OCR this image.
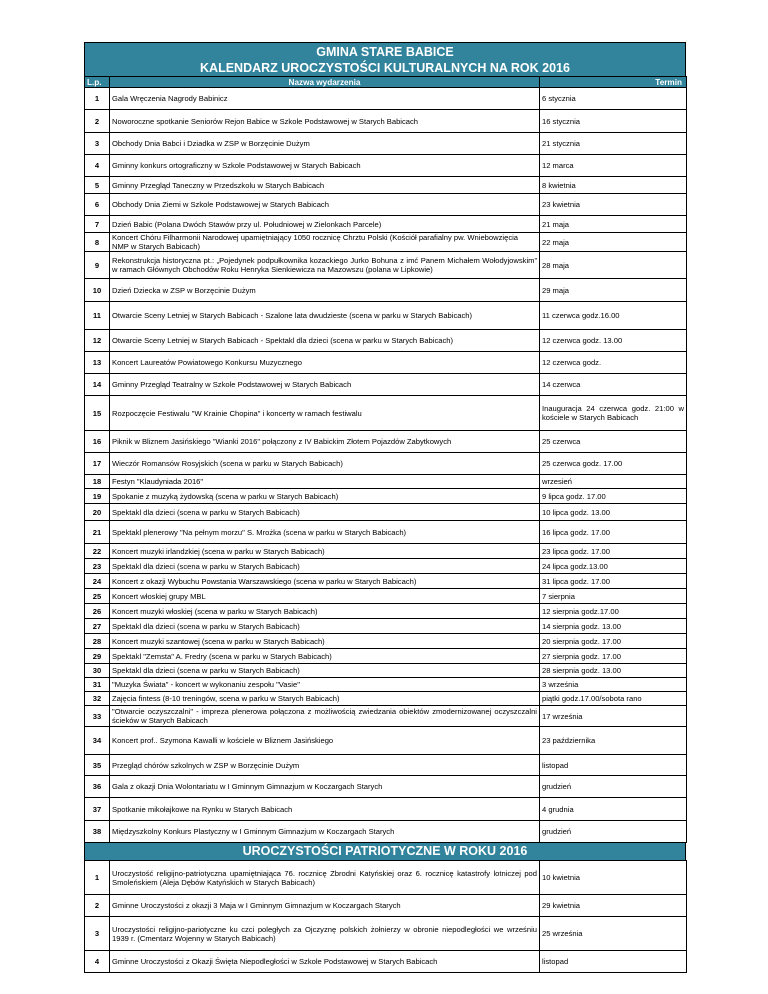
GMINA STARE BABICE
KALENDARZ UROCZYSTOŚCI KULTURALNYCH NA ROK 2016
L.p.	Nazwa wydarzenia	Termin
1	Gala Wręczenia Nagrody Babinicz	6 stycznia
2	Noworoczne spotkanie Seniorów Rejon Babice w Szkole Podstawowej w Starych Babicach	16 stycznia
3	Obchody Dnia Babci i Dziadka w ZSP w Borzęcinie Dużym	21 stycznia
4	Gminny konkurs ortograficzny w Szkole Podstawowej w Starych Babicach	12 marca
5	Gminny Przegląd Taneczny w Przedszkolu w Starych Babicach	8 kwietnia
6	Obchody Dnia Ziemi w Szkole Podstawowej w Starych Babicach	23 kwietnia
7	Dzień Babic (Polana Dwóch Stawów przy ul. Południowej w Zielonkach Parcele)	21 maja
8	Koncert Chóru Filharmonii Narodowej upamiętniający 1050 rocznicę Chrztu Polski (Kościół parafialny pw. Wniebowzięcia NMP w Starych Babicach)	22 maja
9	Rekonstrukcja historyczna pt.: „Pojedynek podpułkownika kozackiego Jurko Bohuna z imć Panem Michałem Wołodyjowskim” w ramach Głównych Obchodów Roku Henryka Sienkiewicza na Mazowszu (polana w Lipkowie)	28 maja
10	Dzień Dziecka w ZSP w Borzęcinie Dużym	29 maja
11	Otwarcie Sceny Letniej w Starych Babicach - Szalone lata dwudzieste (scena w parku w Starych Babicach)	11 czerwca godz.16.00
12	Otwarcie Sceny Letniej w Starych Babicach - Spektakl dla dzieci (scena w parku w Starych Babicach)	12 czerwca godz. 13.00
13	Koncert Laureatów Powiatowego Konkursu Muzycznego	12 czerwca godz.
14	Gminny Przegląd Teatralny w Szkole Podstawowej w Starych Babicach	14 czerwca
15	Rozpoczęcie Festiwalu "W Krainie Chopina" i koncerty w ramach festiwalu	Inauguracja 24 czerwca godz. 21:00 w kościele w Starych Babicach
16	Piknik w Bliznem Jasińskiego "Wianki 2016" połączony z IV Babickim Złotem Pojazdów Zabytkowych	25 czerwca
17	Wieczór Romansów Rosyjskich (scena w parku w Starych Babicach)	25 czerwca godz. 17.00
18	Festyn "Klaudyniada 2016"	wrzesień
19	Spokanie z muzyką żydowską (scena w parku w Starych Babicach)	9 lipca godz. 17.00
20	Spektakl dla dzieci (scena w parku w Starych Babicach)	10 lipca godz. 13.00
21	Spektakl plenerowy "Na pełnym morzu" S. Mrożka (scena w parku w Starych Babicach)	16 lipca godz. 17.00
22	Koncert muzyki irlandzkiej (scena w parku w Starych Babicach)	23 lipca godz. 17.00
23	Spektakl dla dzieci (scena w parku w Starych Babicach)	24 lipca godz.13.00
24	Koncert z okazji Wybuchu Powstania Warszawskiego (scena w parku w Starych Babicach)	31 lipca godz. 17.00
25	Koncert włoskiej grupy MBL	7 sierpnia
26	Koncert muzyki włoskiej (scena w parku w Starych Babicach)	12 sierpnia godz.17.00
27	Spektakl dla dzieci (scena w parku w Starych Babicach)	14 sierpnia godz. 13.00
28	Koncert muzyki szantowej (scena w parku w Starych Babicach)	20 sierpnia godz. 17.00
29	Spektakl "Zemsta" A. Fredry (scena w parku w Starych Babicach)	27 sierpnia godz. 17.00
30	Spektakl dla dzieci (scena w parku w Starych Babicach)	28 sierpnia godz. 13.00
31	"Muzyka Świata" - koncert w wykonaniu zespołu "Vasie"	3 września
32	Zajęcia fintess (8-10 treningów, scena w parku w Starych Babicach)	piątki godz.17.00/sobota rano
33	"Otwarcie oczyszczalni" - impreza plenerowa połączona z możliwością zwiedzania obiektów zmodernizowanej oczyszczalni ścieków w Starych Babicach	17 września
34	Koncert prof.. Szymona Kawalli w kościele w Bliznem Jasińskiego	23 października
35	Przegląd chórów szkolnych w ZSP w Borzęcinie Dużym	listopad
36	Gala z okazji Dnia Wolontariatu w I Gminnym Gimnazjum w Koczargach Starych	grudzień
37	Spotkanie mikołajkowe na Rynku w Starych Babicach	4 grudnia
38	Międzyszkolny Konkurs Plastyczny w I Gminnym Gimnazjum w Koczargach Starych	grudzień
UROCZYSTOŚCI PATRIOTYCZNE W ROKU 2016
1	Uroczystość religijno-patriotyczna upamiętniająca 76. rocznicę Zbrodni Katyńskiej oraz 6. rocznicę katastrofy lotniczej pod Smoleńskiem (Aleja Dębów Katyńskich w Starych Babicach)	10 kwietnia
2	Gminne Uroczystości z okazji 3 Maja w I Gminnym Gimnazjum w Koczargach Starych	29 kwietnia
3	Uroczystości religijno-pariotyczne ku czci poległych za Ojczyznę polskich żołnierzy w obronie niepodległości we wrześniu 1939 r. (Cmentarz Wojenny w Starych Babicach)	25 września
4	Gminne Uroczystości z Okazji Święta Niepodległości w Szkole Podstawowej w Starych Babicach	listopad
